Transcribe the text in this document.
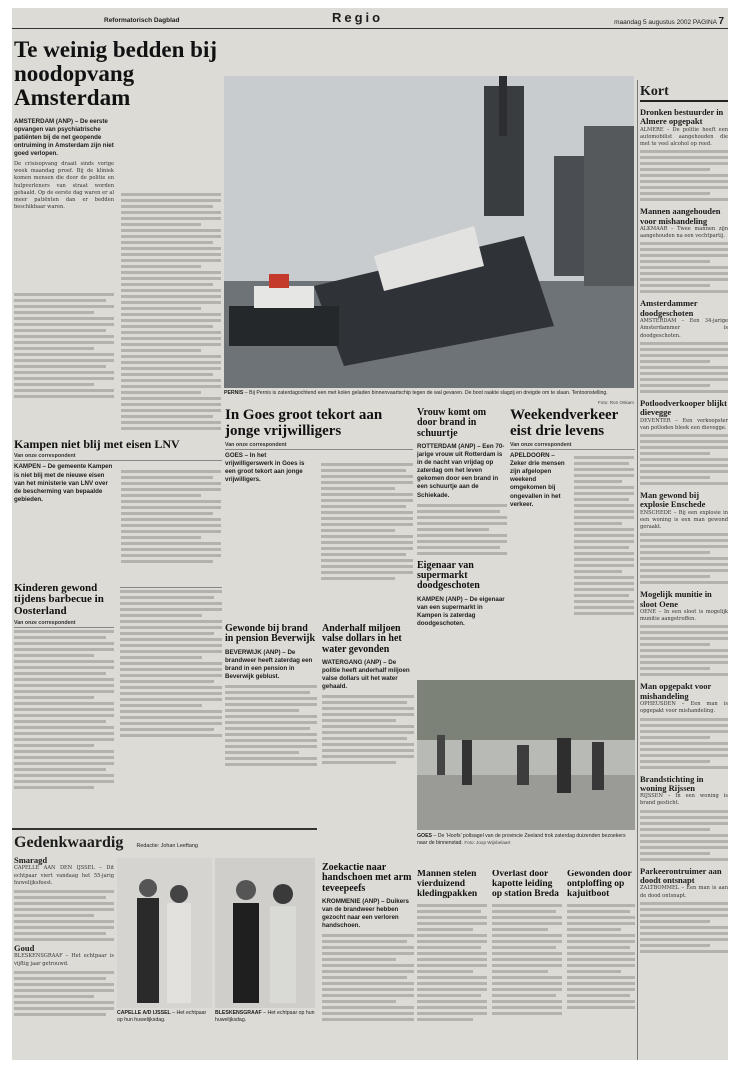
Reformatorisch Dagblad	Regio	maandag 5 augustus 2002 PAGINA 7
Te weinig bedden bij noodopvang Amsterdam
AMSTERDAM (ANP) – De eerste opvangen van psychiatrische patiënten bij de net geopende ontruiming in Amsterdam zijn niet goed verlopen.
De crisisopvang draait sinds vorige week maandag proef. Bij de kliniek komen mensen die door de politie en hulpverleners van straat worden gehaald. Op de eerste dag waren er al meer patiënten dan er bedden beschikbaar waren.
PERNIS – Bij Pernis is zaterdagochtend een met kolen geladen binnenvaartschip tegen de wal gevaren. De boot raakte slagzij en dreigde om te slaan. Tentoonstelling.
Foto: Ron Oskam
Kort
Dronken bestuurder in Almere opgepakt
ALMERE – De politie heeft een automobilist aangehouden die met te veel alcohol op reed.
Mannen aangehouden voor mishandeling
ALKMAAR – Twee mannen zijn aangehouden na een vechtpartij.
Amsterdammer doodgeschoten
AMSTERDAM – Een 34-jarige Amsterdammer is doodgeschoten.
Potloodverkooper blijkt dievegge
DEVENTER – Een verkoopster van potloden bleek een dievegge.
Man gewond bij explosie Enschede
ENSCHEDE – Bij een explosie in een woning is een man gewond geraakt.
Mogelijk munitie in sloot Oene
OENE – In een sloot is mogelijk munitie aangetroffen.
Man opgepakt voor mishandeling
OPHEUSDEN – Een man is opgepakt voor mishandeling.
Brandstichting in woning Rijssen
RIJSSEN – In een woning is brand gesticht.
Parkeerontruimer aan doodt ontsnapt
ZALTBOMMEL – Een man is aan de dood ontsnapt.
Kampen niet blij met eisen LNV
Van onze correspondent
KAMPEN – De gemeente Kampen is niet blij met de nieuwe eisen van het ministerie van LNV over de bescherming van bepaalde gebieden.
Kinderen gewond tijdens barbecue in Oosterland
Van onze correspondent
In Goes groot tekort aan jonge vrijwilligers
Van onze correspondent
GOES – In het vrijwilligerswerk in Goes is een groot tekort aan jonge vrijwilligers.
Gewonde bij brand in pension Beverwijk
BEVERWIJK (ANP) – De brandweer heeft zaterdag een brand in een pension in Beverwijk geblust.
Anderhalf miljoen valse dollars in het water gevonden
WATERGANG (ANP) – De politie heeft anderhalf miljoen valse dollars uit het water gehaald.
Vrouw komt om door brand in schuurtje
ROTTERDAM (ANP) – Een 70-jarige vrouw uit Rotterdam is in de nacht van vrijdag op zaterdag om het leven gekomen door een brand in een schuurtje aan de Schiekade.
Eigenaar van supermarkt doodgeschoten
KAMPEN (ANP) – De eigenaar van een supermarkt in Kampen is zaterdag doodgeschoten.
Weekendverkeer eist drie levens
Van onze correspondent
APELDOORN – Zeker drie mensen zijn afgelopen weekend omgekomen bij ongevallen in het verkeer.
GOES – De ‘Hoofs’ poltsagel van de provincie Zeeland trok zaterdag duizenden bezoekers naar de binnenstad. Foto: Joop Wijnbelaart
Zoekactie naar handschoen met arm teveepeefs
KROMMENIE (ANP) – Duikers van de brandweer hebben gezocht naar een verloren handschoen.
Mannen stelen vierduizend kledingpakken
Overlast door kapotte leiding op station Breda
Gewonden door ontploffing op kajuitboot
Gedenkwaardig Redactie: Johan Leeftang
Smaragd
CAPELLE AAN DEN IJSSEL – Dit echtpaar viert vandaag het 55-jarig huwelijksfeest.
Goud
BLESKENSGRAAF – Het echtpaar is vijftig jaar getrouwd.
CAPELLE A/D IJSSEL – Het echtpaar op hun huwelijksdag.
BLESKENSGRAAF – Het echtpaar op hun huwelijksdag.
